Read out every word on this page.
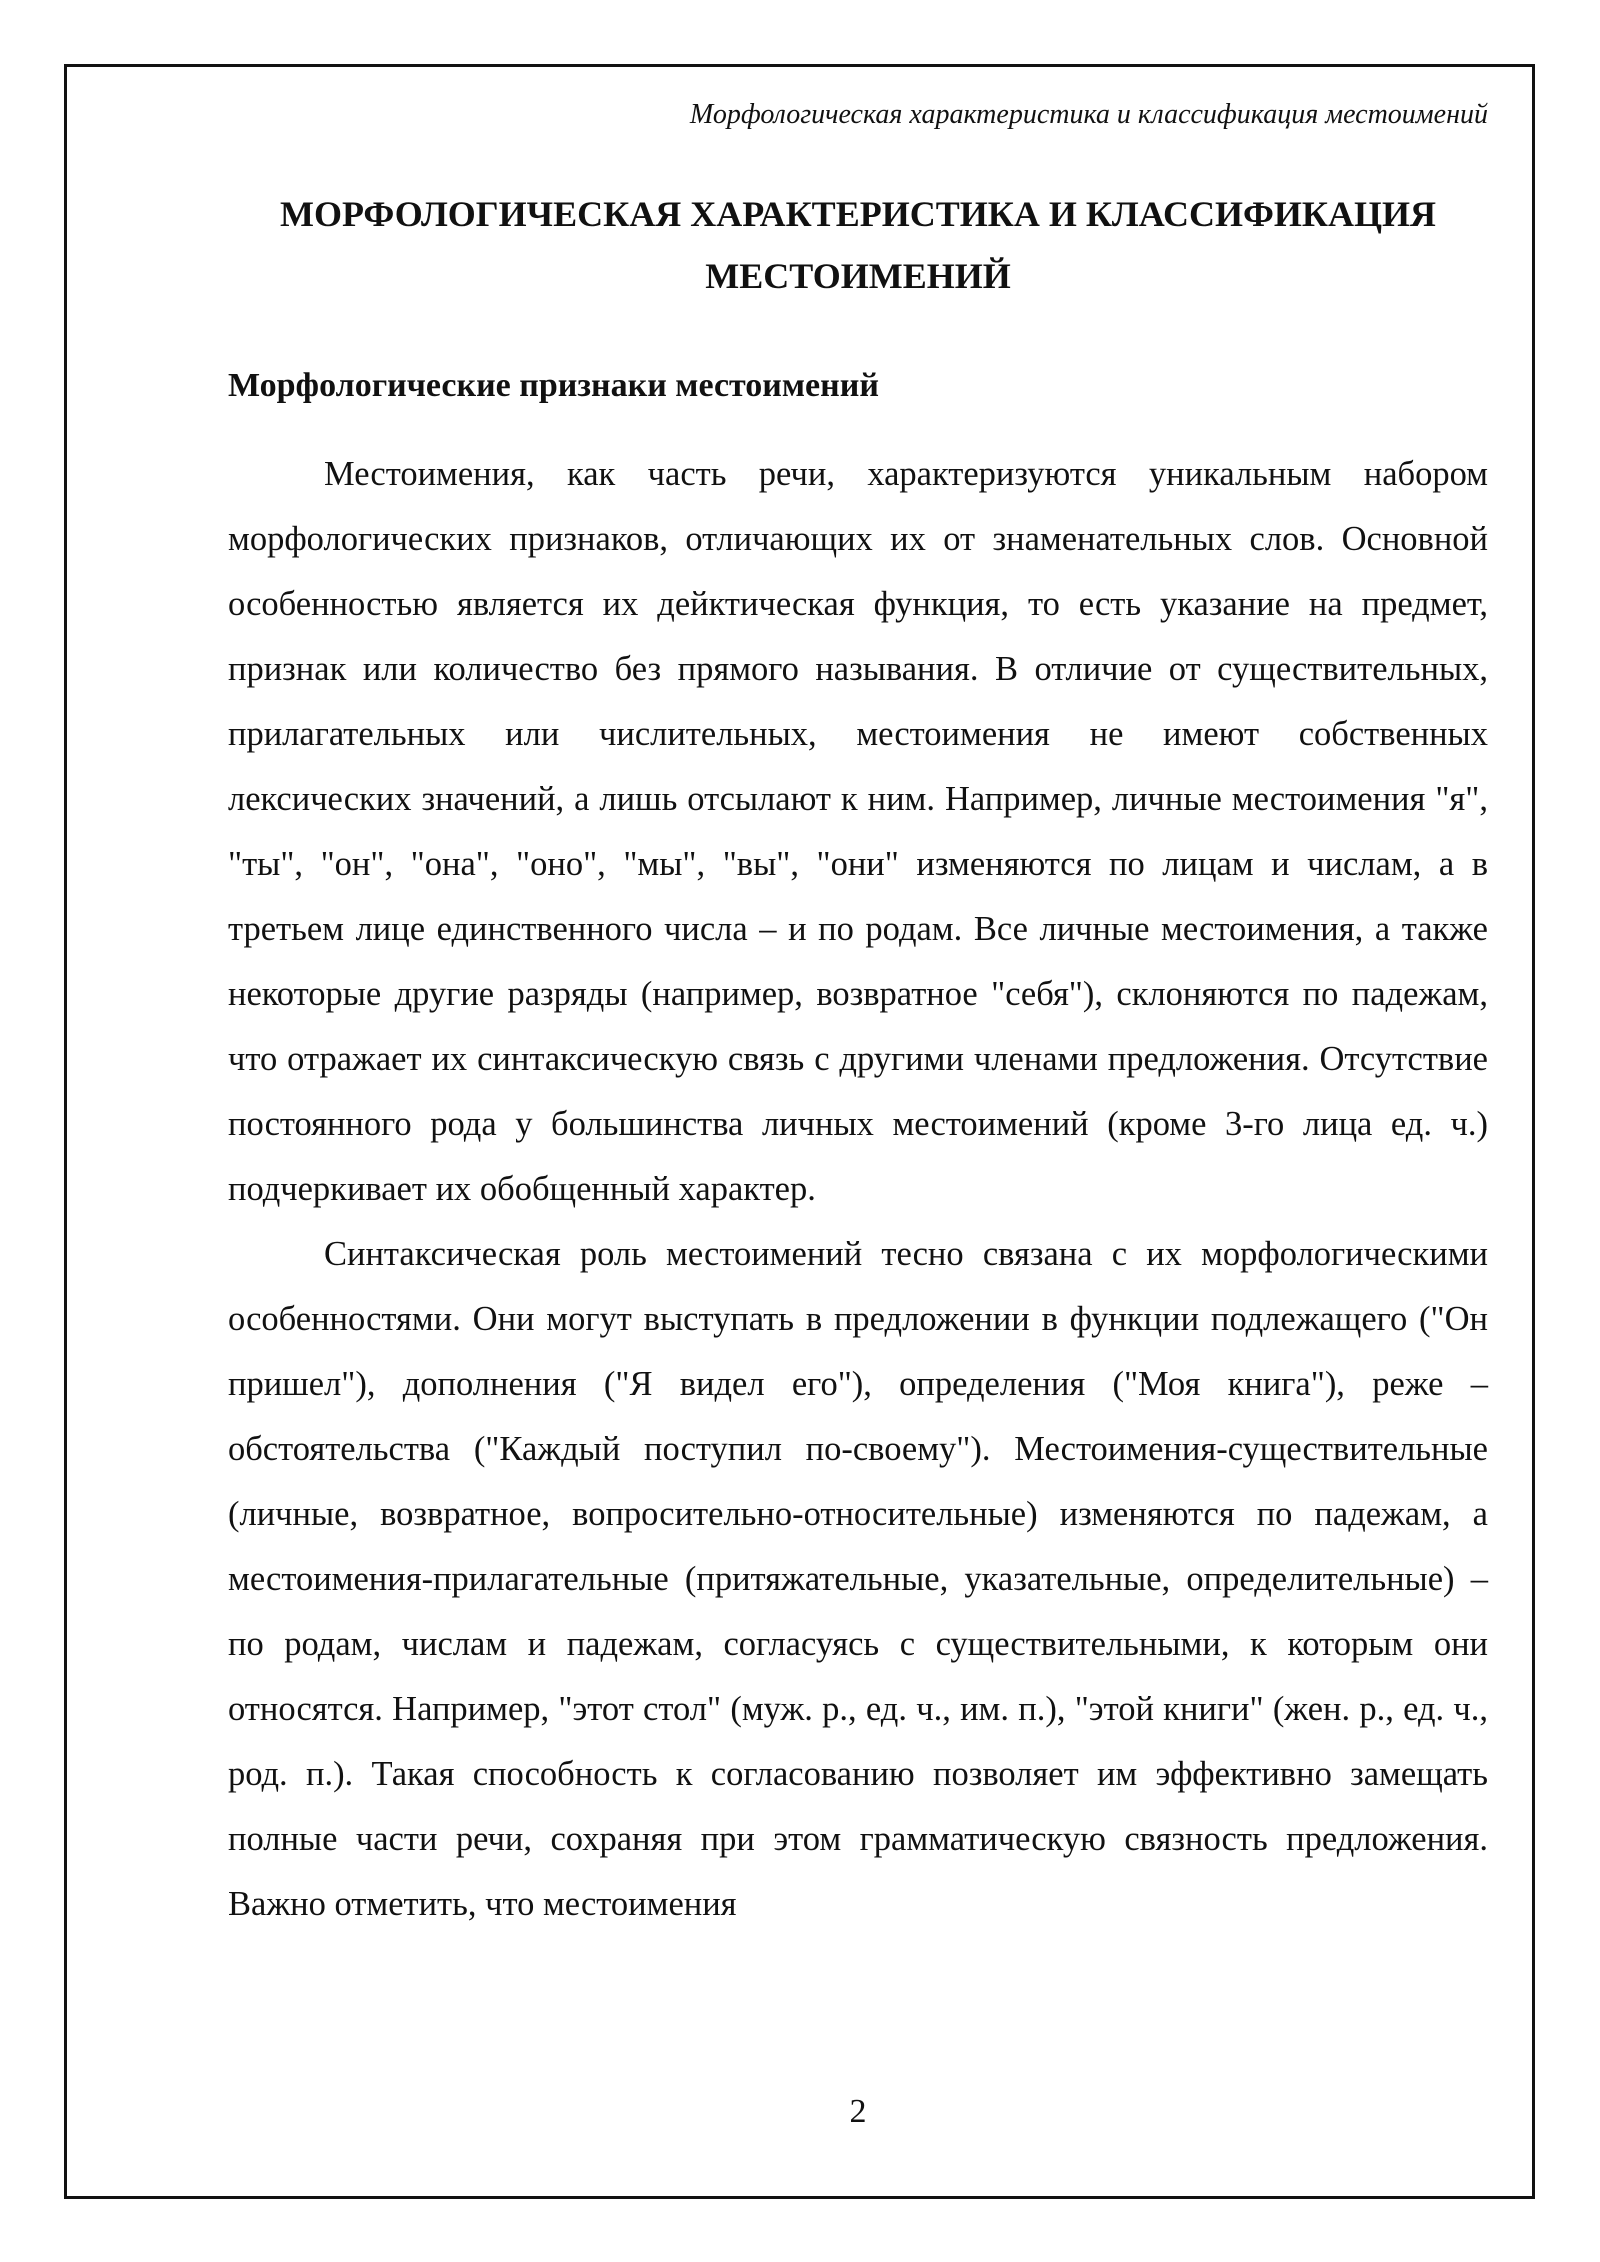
Морфологическая характеристика и классификация местоимений
МОРФОЛОГИЧЕСКАЯ ХАРАКТЕРИСТИКА И КЛАССИФИКАЦИЯ
МЕСТОИМЕНИЙ
Морфологические признаки местоимений

Местоимения, как часть речи, характеризуются уникальным набором морфологических признаков, отличающих их от знаменательных слов. Основной особенностью является их дейктическая функция, то есть указание на предмет, признак или количество без прямого называния. В отличие от существительных, прилагательных или числительных, местоимения не имеют собственных лексических значений, а лишь отсылают к ним. Например, личные местоимения "я", "ты", "он", "она", "оно", "мы", "вы", "они" изменяются по лицам и числам, а в третьем лице единственного числа – и по родам. Все личные местоимения, а также некоторые другие разряды (например, возвратное "себя"), склоняются по падежам, что отражает их синтаксическую связь с другими членами предложения. Отсутствие постоянного рода у большинства личных местоимений (кроме 3-го лица ед. ч.) подчеркивает их обобщенный характер.

Синтаксическая роль местоимений тесно связана с их морфологическими особенностями. Они могут выступать в предложении в функции подлежащего ("Он пришел"), дополнения ("Я видел его"), определения ("Моя книга"), реже – обстоятельства ("Каждый поступил по-своему"). Местоимения-существительные (личные, возвратное, вопросительно-относительные) изменяются по падежам, а местоимения-прилагательные (притяжательные, указательные, определительные) – по родам, числам и падежам, согласуясь с существительными, к которым они относятся. Например, "этот стол" (муж. р., ед. ч., им. п.), "этой книги" (жен. р., ед. ч., род. п.). Такая способность к согласованию позволяет им эффективно замещать полные части речи, сохраняя при этом грамматическую связность предложения. Важно отметить, что местоимения

2
